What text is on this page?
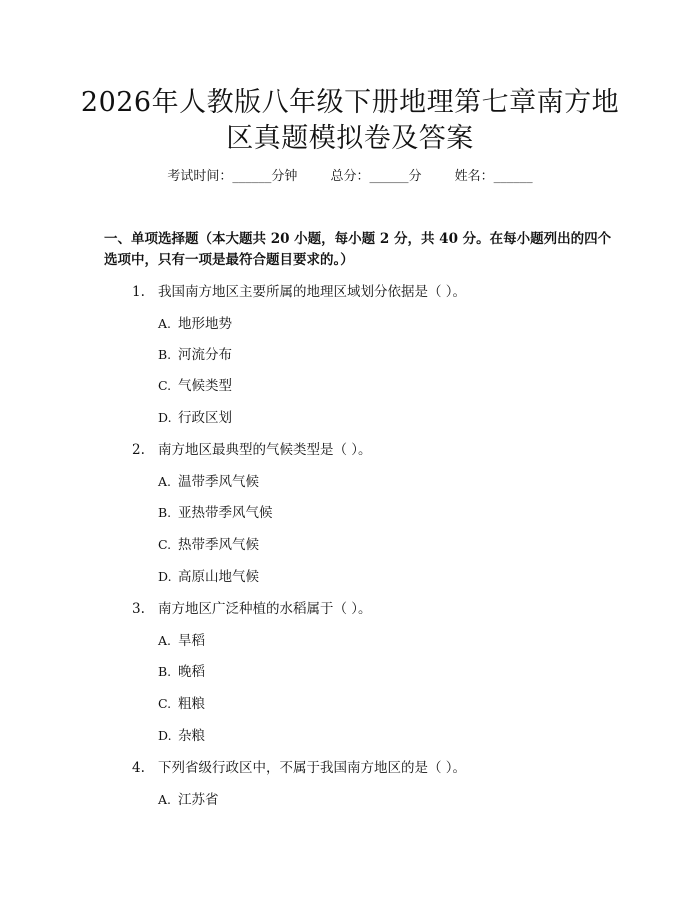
2026年人教版八年级下册地理第七章南方地
区真题模拟卷及答案
考试时间：______分钟	总分：______分	姓名：______
一、单项选择题（本大题共 20 小题，每小题 2 分，共 40 分。在每小题列出的四个选项中，只有一项是最符合题目要求的。）
1. 我国南方地区主要所属的地理区域划分依据是（ ）。
A. 地形地势
B. 河流分布
C. 气候类型
D. 行政区划
2. 南方地区最典型的气候类型是（ ）。
A. 温带季风气候
B. 亚热带季风气候
C. 热带季风气候
D. 高原山地气候
3. 南方地区广泛种植的水稻属于（ ）。
A. 旱稻
B. 晚稻
C. 粗粮
D. 杂粮
4. 下列省级行政区中，不属于我国南方地区的是（ ）。
A. 江苏省
